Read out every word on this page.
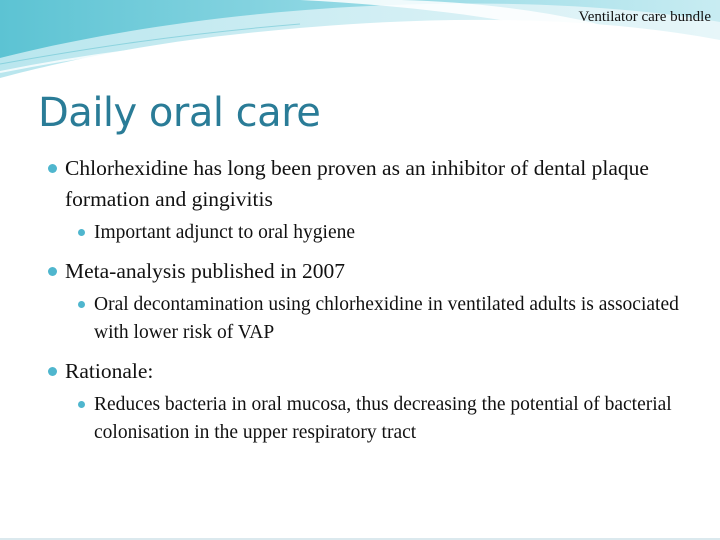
Ventilator care bundle
Daily oral care
Chlorhexidine has long been proven as an inhibitor of dental plaque formation and gingivitis
Important adjunct to oral hygiene
Meta-analysis published in 2007
Oral decontamination using chlorhexidine in ventilated adults is associated with lower risk of VAP
Rationale:
Reduces bacteria in oral mucosa, thus decreasing the potential of bacterial colonisation in the upper respiratory tract
